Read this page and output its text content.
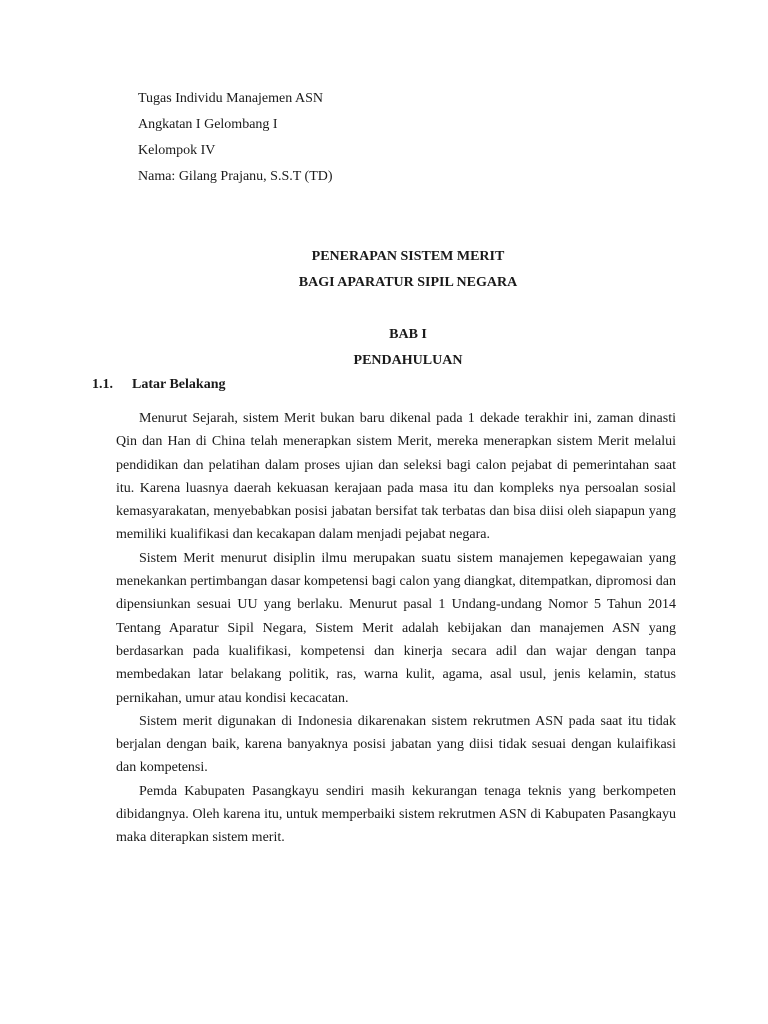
Tugas Individu Manajemen ASN
Angkatan I Gelombang I
Kelompok IV
Nama: Gilang Prajanu, S.S.T (TD)
PENERAPAN SISTEM MERIT
BAGI APARATUR SIPIL NEGARA
BAB I
PENDAHULUAN
1.1. Latar Belakang

Menurut Sejarah, sistem Merit bukan baru dikenal pada 1 dekade terakhir ini, zaman dinasti Qin dan Han di China telah menerapkan sistem Merit, mereka menerapkan sistem Merit melalui pendidikan dan pelatihan dalam proses ujian dan seleksi bagi calon pejabat di pemerintahan saat itu. Karena luasnya daerah kekuasan kerajaan pada masa itu dan kompleks nya persoalan sosial kemasyarakatan, menyebabkan posisi jabatan bersifat tak terbatas dan bisa diisi oleh siapapun yang memiliki kualifikasi dan kecakapan dalam menjadi pejabat negara.

Sistem Merit menurut disiplin ilmu merupakan suatu sistem manajemen kepegawaian yang menekankan pertimbangan dasar kompetensi bagi calon yang diangkat, ditempatkan, dipromosi dan dipensiunkan sesuai UU yang berlaku. Menurut pasal 1 Undang-undang Nomor 5 Tahun 2014 Tentang Aparatur Sipil Negara, Sistem Merit adalah kebijakan dan manajemen ASN yang berdasarkan pada kualifikasi, kompetensi dan kinerja secara adil dan wajar dengan tanpa membedakan latar belakang politik, ras, warna kulit, agama, asal usul, jenis kelamin, status pernikahan, umur atau kondisi kecacatan.

Sistem merit digunakan di Indonesia dikarenakan sistem rekrutmen ASN pada saat itu tidak berjalan dengan baik, karena banyaknya posisi jabatan yang diisi tidak sesuai dengan kulaifikasi dan kompetensi.

Pemda Kabupaten Pasangkayu sendiri masih kekurangan tenaga teknis yang berkompeten dibidangnya. Oleh karena itu, untuk memperbaiki sistem rekrutmen ASN di Kabupaten Pasangkayu maka diterapkan sistem merit.
